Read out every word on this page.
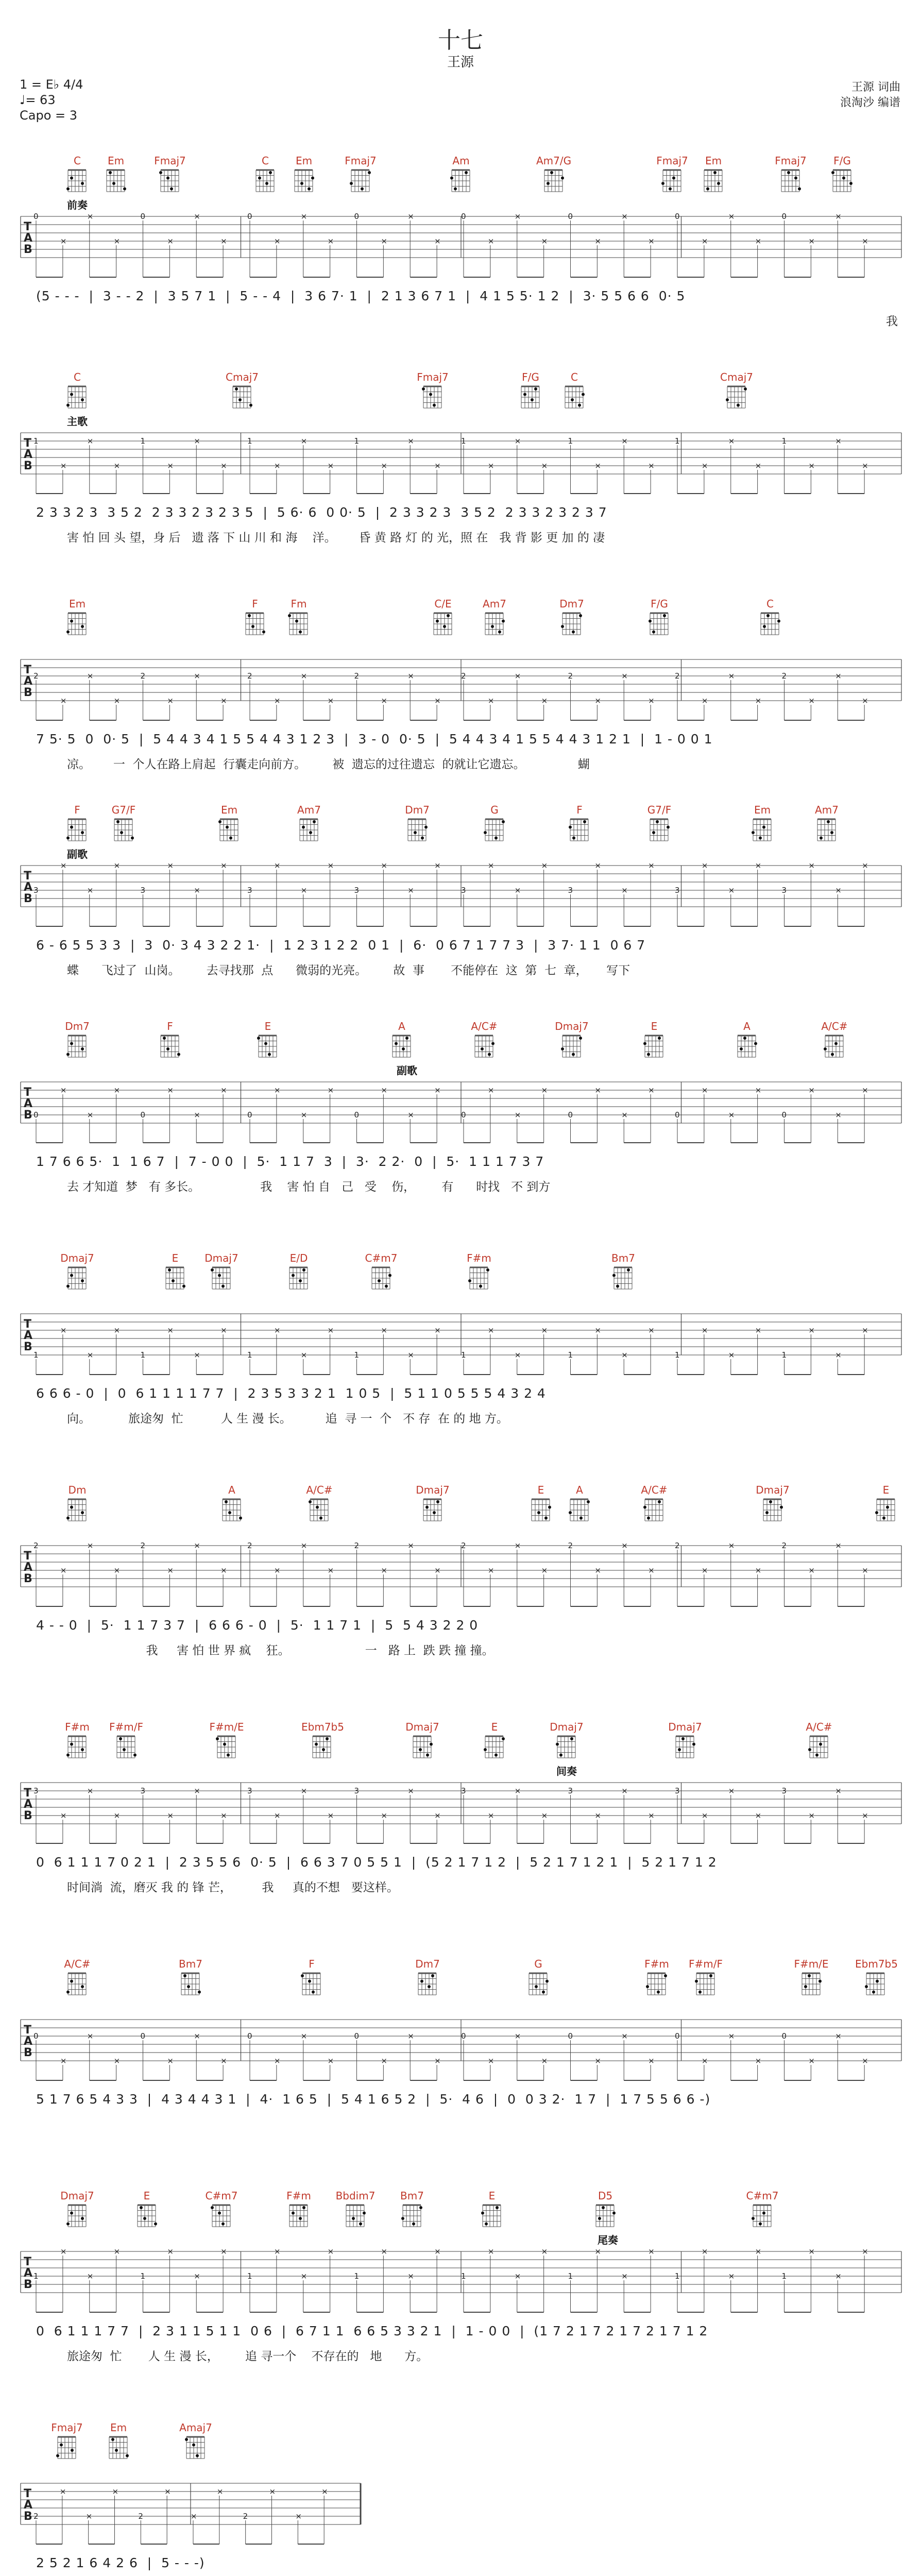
十七
王源
1 = E♭ 4/4
♩= 63
Capo = 3
王源 词曲
浪淘沙 编谱
C	Em	Fmaj7	C	Em	Fmaj7	Am	Am7/G	Fmaj7	Em	Fmaj7	F/G
前奏
0
×
×
×
0
×
×
×
0
×
×
×
0
×
×
×
0
×
×
×
0
×
×
×
0
×
×
×
0
×
×
×
T
A
B
(5 - - -  |  3 - - 2  |  3 5 7 1  |  5 - - 4  |  3 6 7· 1  |  2 1 3 6 7 1  |  4 1 5 5· 1 2  |  3· 5 5 6 6  0· 5
我
C	Cmaj7	Fmaj7	F/G	C	Cmaj7
主歌
1
×
×
×
1
×
×
×
1
×
×
×
1
×
×
×
1
×
×
×
1
×
×
×
1
×
×
×
1
×
×
×
T
A
B
2 3 3 2 3  3 5 2  2 3 3 2 3 2 3 5  |  5 6· 6  0 0· 5  |  2 3 3 2 3  3 5 2  2 3 3 2 3 2 3 7
害 怕 回 头 望，身 后   遗 落 下 山 川 和 海    洋。      昏 黄 路 灯 的 光，照 在   我 背 影 更 加 的 凄
Em	F	Fm	C/E	Am7	Dm7	F/G	C
2
×
×
×
2
×
×
×
2
×
×
×
2
×
×
×
2
×
×
×
2
×
×
×
2
×
×
×
2
×
×
×
T
A
B
7 5· 5  0  0· 5  |  5 4 4 3 4 1 5 5 4 4 3 1 2 3  |  3 - 0  0· 5  |  5 4 4 3 4 1 5 5 4 4 3 1 2 1  |  1 - 0 0 1
凉。      一  个人在路上肩起  行囊走向前方。       被  遗忘的过往遗忘  的就让它遗忘。              蝴
F	G7/F	Em	Am7	Dm7	G	F	G7/F	Em	Am7
副歌
3
×
×
×
3
×
×
×
3
×
×
×
3
×
×
×
3
×
×
×
3
×
×
×
3
×
×
×
3
×
×
×
T
A
B
6 - 6 5 5 3 3  |  3  0· 3 4 3 2 2 1·  |  1 2 3 1 2 2  0 1  |  6·  0 6 7 1 7 7 3  |  3 7· 1 1  0 6 7
蝶      飞过了  山岗。       去寻找那  点      微弱的光亮。       故  事       不能停在  这  第  七  章，     写下
Dm7	F	E	A	A/C#	Dmaj7	E	A	A/C#
副歌
0
×
×
×
0
×
×
×
0
×
×
×
0
×
×
×
0
×
×
×
0
×
×
×
0
×
×
×
0
×
×
×
T
A
B
1 7 6 6 5·  1  1 6 7  |  7 - 0 0  |  5·  1 1 7  3  |  3·  2 2·  0  |  5·  1 1 1 7 3 7
去 才知道  梦   有 多长。                我    害 怕 自   己   受    伤，       有      时找   不 到方
Dmaj7	E	Dmaj7	E/D	C#m7	F#m	Bm7
1
×
×
×
1
×
×
×
1
×
×
×
1
×
×
×
1
×
×
×
1
×
×
×
1
×
×
×
1
×
×
×
T
A
B
6 6 6 - 0  |  0  6 1 1 1 1 7 7  |  2 3 5 3 3 2 1  1 0 5  |  5 1 1 0 5 5 5 4 3 2 4
向。          旅途匆  忙          人 生 漫 长。         追  寻 一  个   不 存  在 的 地 方。
Dm	A	A/C#	Dmaj7	E	A	A/C#	Dmaj7	E
2
×
×
×
2
×
×
×
2
×
×
×
2
×
×
×
2
×
×
×
2
×
×
×
2
×
×
×
2
×
×
×
T
A
B
4 - - 0  |  5·  1 1 7 3 7  |  6 6 6 - 0  |  5·  1 1 7 1  |  5  5 4 3 2 2 0
我     害 怕 世 界 疯    狂。                    一   路 上  跌 跌 撞 撞。
F#m	F#m/F	F#m/E	Ebm7b5	Dmaj7	E	Dmaj7	Dmaj7	A/C#
间奏
3
×
×
×
3
×
×
×
3
×
×
×
3
×
×
×
3
×
×
×
3
×
×
×
3
×
×
×
3
×
×
×
T
A
B
0  6 1 1 1 7 0 2 1  |  2 3 5 5 6  0· 5  |  6 6 3 7 0 5 5 1  |  (5 2 1 7 1 2  |  5 2 1 7 1 2 1  |  5 2 1 7 1 2
时间淌  流，磨灭 我 的 锋 芒，        我     真的不想   要这样。
A/C#	Bm7	F	Dm7	G	F#m	F#m/F	F#m/E	Ebm7b5
0
×
×
×
0
×
×
×
0
×
×
×
0
×
×
×
0
×
×
×
0
×
×
×
0
×
×
×
0
×
×
×
T
A
B
5 1 7 6 5 4 3 3  |  4 3 4 4 3 1  |  4·  1 6 5  |  5 4 1 6 5 2  |  5·  4 6  |  0  0 3 2·  1 7  |  1 7 5 5 6 6 -)
Dmaj7	E	C#m7	F#m	Bbdim7	Bm7	E	D5	C#m7
尾奏
1
×
×
×
1
×
×
×
1
×
×
×
1
×
×
×
1
×
×
×
1
×
×
×
1
×
×
×
1
×
×
×
T
A
B
0  6 1 1 1 7 7  |  2 3 1 1 5 1 1  0 6  |  6 7 1 1  6 6 5 3 3 2 1  |  1 - 0 0  |  (1 7 2 1 7 2 1 7 2 1 7 1 2
旅途匆  忙       人 生 漫 长，       追 寻一个    不存在的   地      方。
Fmaj7	Em	Amaj7
2
×
×
×
2
×
×
×
2
×
×
×
T
A
B
2 5 2 1 6 4 2 6  |  5 - - -)
